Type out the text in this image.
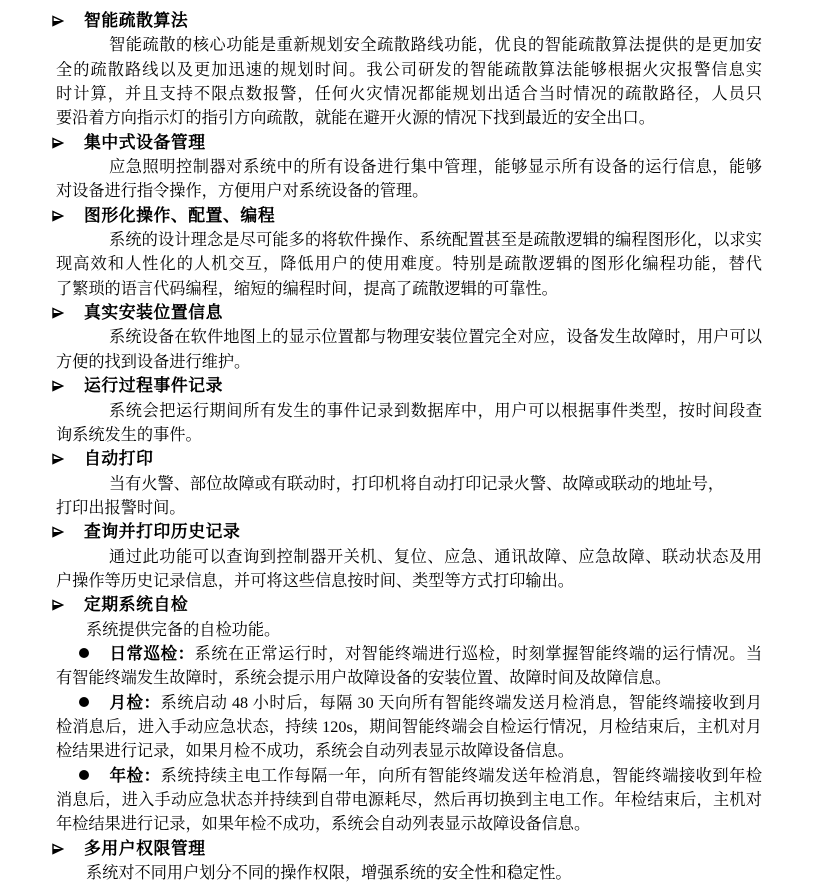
智能疏散算法
智能疏散的核心功能是重新规划安全疏散路线功能，优良的智能疏散算法提供的是更加安
全的疏散路线以及更加迅速的规划时间。我公司研发的智能疏散算法能够根据火灾报警信息实
时计算，并且支持不限点数报警，任何火灾情况都能规划出适合当时情况的疏散路径，人员只
要沿着方向指示灯的指引方向疏散，就能在避开火源的情况下找到最近的安全出口。
集中式设备管理
应急照明控制器对系统中的所有设备进行集中管理，能够显示所有设备的运行信息，能够
对设备进行指令操作，方便用户对系统设备的管理。
图形化操作、配置、编程
系统的设计理念是尽可能多的将软件操作、系统配置甚至是疏散逻辑的编程图形化，以求实
现高效和人性化的人机交互，降低用户的使用难度。特别是疏散逻辑的图形化编程功能，替代
了繁琐的语言代码编程，缩短的编程时间，提高了疏散逻辑的可靠性。
真实安装位置信息
系统设备在软件地图上的显示位置都与物理安装位置完全对应，设备发生故障时，用户可以
方便的找到设备进行维护。
运行过程事件记录
系统会把运行期间所有发生的事件记录到数据库中，用户可以根据事件类型，按时间段查
询系统发生的事件。
自动打印
当有火警、部位故障或有联动时，打印机将自动打印记录火警、故障或联动的地址号，
打印出报警时间。
查询并打印历史记录
通过此功能可以查询到控制器开关机、复位、应急、通讯故障、应急故障、联动状态及用
户操作等历史记录信息，并可将这些信息按时间、类型等方式打印输出。
定期系统自检
系统提供完备的自检功能。
日常巡检：系统在正常运行时，对智能终端进行巡检，时刻掌握智能终端的运行情况。当
有智能终端发生故障时，系统会提示用户故障设备的安装位置、故障时间及故障信息。
月检：系统启动 48 小时后，每隔 30 天向所有智能终端发送月检消息，智能终端接收到月
检消息后，进入手动应急状态，持续 120s，期间智能终端会自检运行情况，月检结束后，主机对月
检结果进行记录，如果月检不成功，系统会自动列表显示故障设备信息。
年检：系统持续主电工作每隔一年，向所有智能终端发送年检消息，智能终端接收到年检
消息后，进入手动应急状态并持续到自带电源耗尽，然后再切换到主电工作。年检结束后，主机对
年检结果进行记录，如果年检不成功，系统会自动列表显示故障设备信息。
多用户权限管理
系统对不同用户划分不同的操作权限，增强系统的安全性和稳定性。
